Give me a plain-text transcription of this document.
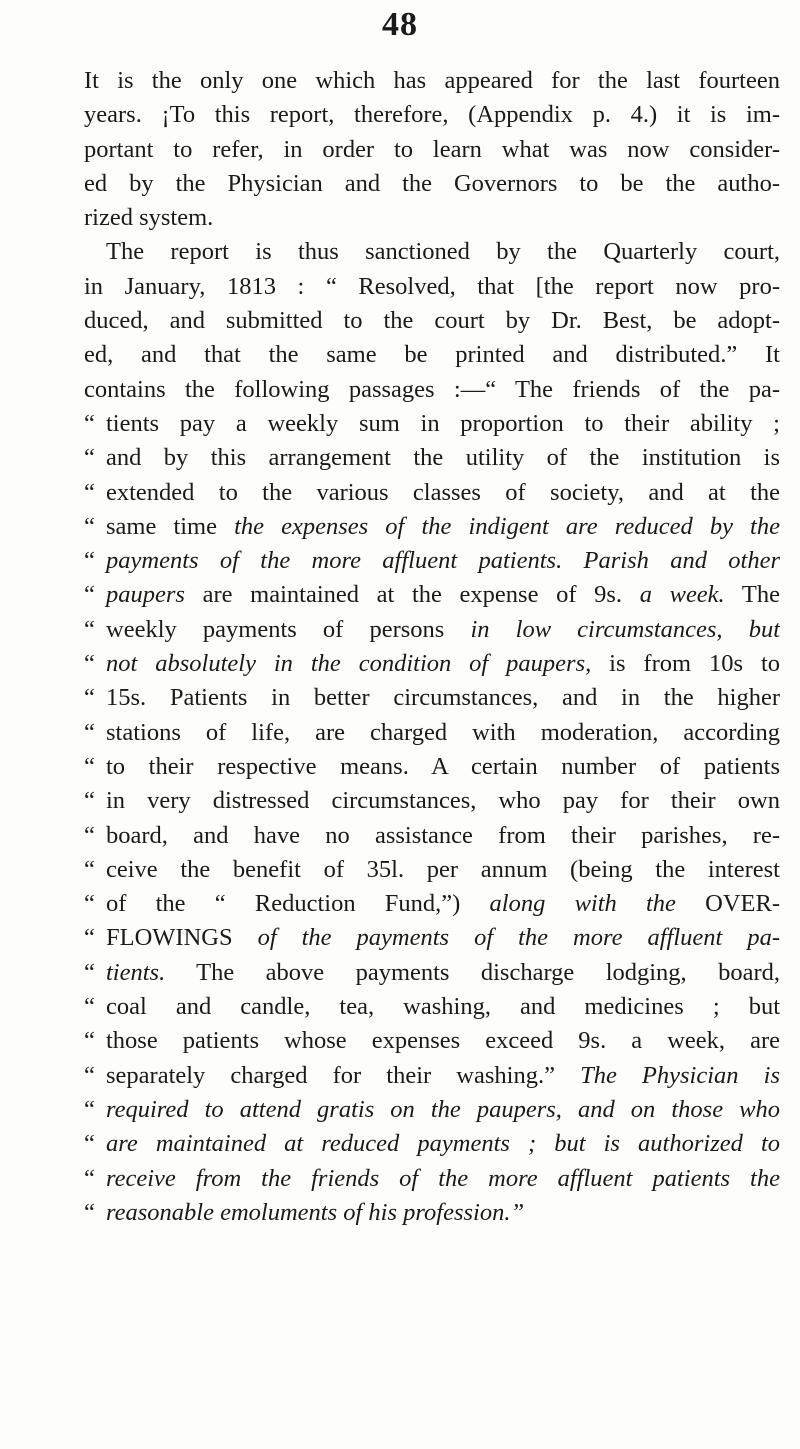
48
It is the only one which has appeared for the last fourteen
years. ¡To this report, therefore, (Appendix p. 4.) it is im-
portant to refer, in order to learn what was now consider-
ed by the Physician and the Governors to be the autho-
rized system.
The report is thus sanctioned by the Quarterly court,
in January, 1813 : “ Resolved, that [the report now pro-
duced, and submitted to the court by Dr. Best, be adopt-
ed, and that the same be printed and distributed.” It
contains the following passages :—“ The friends of the pa-
“ tients pay a weekly sum in proportion to their ability ;
“ and by this arrangement the utility of the institution is
“ extended to the various classes of society, and at the
“ same time the expenses of the indigent are reduced by the
“ payments of the more affluent patients. Parish and other
“ paupers are maintained at the expense of 9s. a week. The
“ weekly payments of persons in low circumstances, but
“ not absolutely in the condition of paupers, is from 10s to
“ 15s. Patients in better circumstances, and in the higher
“ stations of life, are charged with moderation, according
“ to their respective means. A certain number of patients
“ in very distressed circumstances, who pay for their own
“ board, and have no assistance from their parishes, re-
“ ceive the benefit of 35l. per annum (being the interest
“ of the “ Reduction Fund,”) along with the OVER-
“ FLOWINGS of the payments of the more affluent pa-
“ tients. The above payments discharge lodging, board,
“ coal and candle, tea, washing, and medicines ; but
“ those patients whose expenses exceed 9s. a week, are
“ separately charged for their washing.” The Physician is
“ required to attend gratis on the paupers, and on those who
“ are maintained at reduced payments ; but is authorized to
“ receive from the friends of the more affluent patients the
“ reasonable emoluments of his profession.”
